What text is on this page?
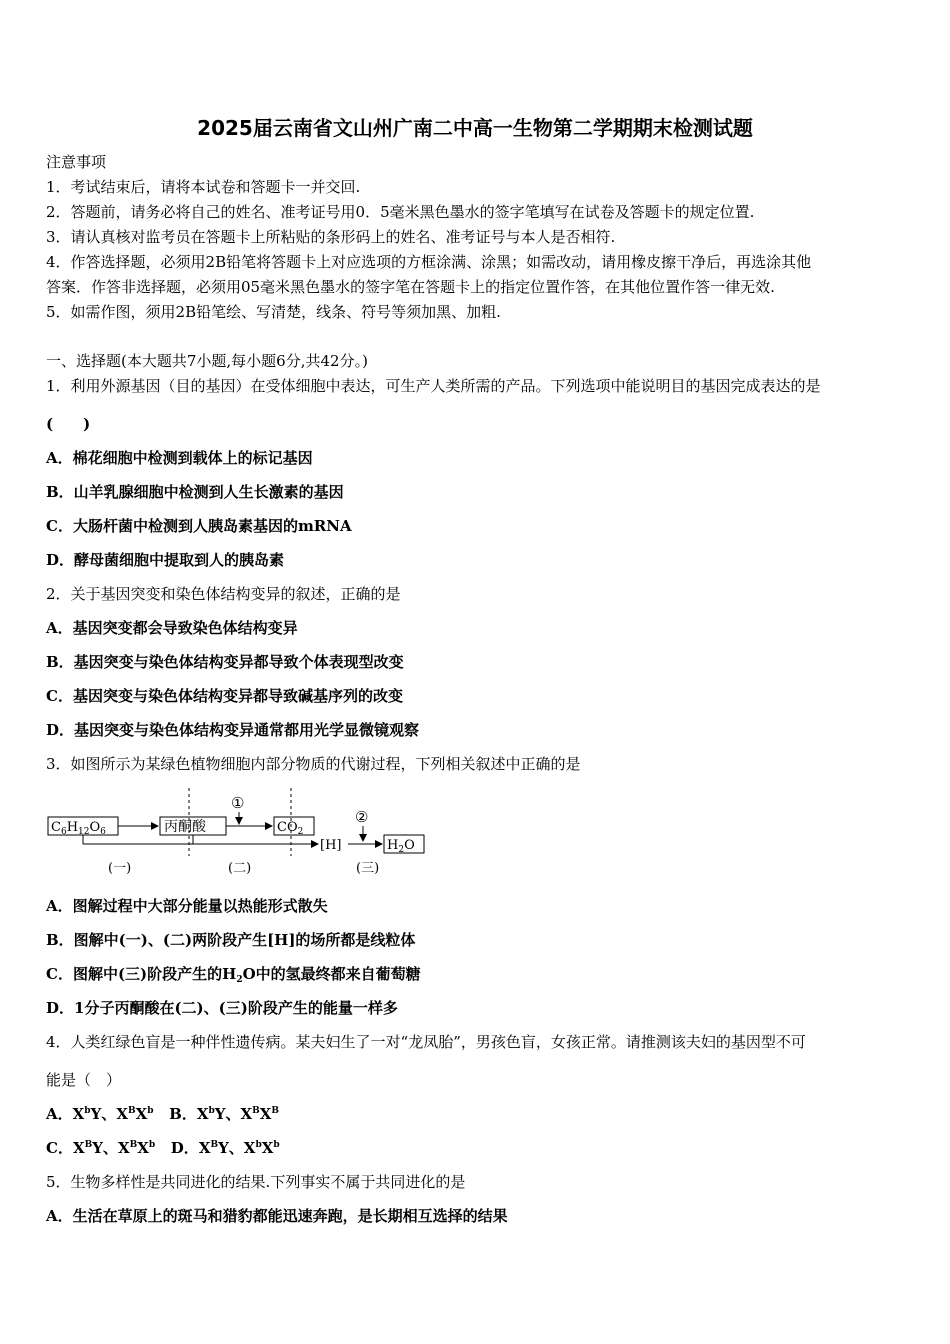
2025届云南省文山州广南二中高一生物第二学期期末检测试题
注意事项
1．考试结束后，请将本试卷和答题卡一并交回.
2．答题前，请务必将自己的姓名、准考证号用0．5毫米黑色墨水的签字笔填写在试卷及答题卡的规定位置.
3．请认真核对监考员在答题卡上所粘贴的条形码上的姓名、准考证号与本人是否相符.
4．作答选择题，必须用2B铅笔将答题卡上对应选项的方框涂满、涂黑；如需改动，请用橡皮擦干净后，再选涂其他
答案．作答非选择题，必须用05毫米黑色墨水的签字笔在答题卡上的指定位置作答，在其他位置作答一律无效.
5．如需作图，须用2B铅笔绘、写清楚，线条、符号等须加黑、加粗.
一、选择题(本大题共7小题,每小题6分,共42分。)
1．利用外源基因（目的基因）在受体细胞中表达，可生产人类所需的产品。下列选项中能说明目的基因完成表达的是
(　　)
A．棉花细胞中检测到载体上的标记基因
B．山羊乳腺细胞中检测到人生长激素的基因
C．大肠杆菌中检测到人胰岛素基因的mRNA
D．酵母菌细胞中提取到人的胰岛素
2．关于基因突变和染色体结构变异的叙述，正确的是
A．基因突变都会导致染色体结构变异
B．基因突变与染色体结构变异都导致个体表现型改变
C．基因突变与染色体结构变异都导致碱基序列的改变
D．基因突变与染色体结构变异通常都用光学显微镜观察
3．如图所示为某绿色植物细胞内部分物质的代谢过程，下列相关叙述中正确的是
$C_6H_{12}O_6$	丙酮酸
①
$CO_2$
[H]
②
$H_2O$
(一)	(二)	(三)
A．图解过程中大部分能量以热能形式散失
B．图解中(一)、(二)两阶段产生[H]的场所都是线粒体
C．图解中(三)阶段产生的$H_2O$中的氢最终都来自葡萄糖
D．1分子丙酮酸在(二)、(三)阶段产生的能量一样多
4．人类红绿色盲是一种伴性遗传病。某夫妇生了一对“龙凤胎”，男孩色盲，女孩正常。请推测该夫妇的基因型不可
能是（　）
A．$X^bY$、$X^BX^b$ B．$X^bY$、$X^BX^B$
C．$X^BY$、$X^BX^b$ D．$X^BY$、$X^bX^b$
5．生物多样性是共同进化的结果.下列事实不属于共同进化的是
A．生活在草原上的斑马和猎豹都能迅速奔跑，是长期相互选择的结果
